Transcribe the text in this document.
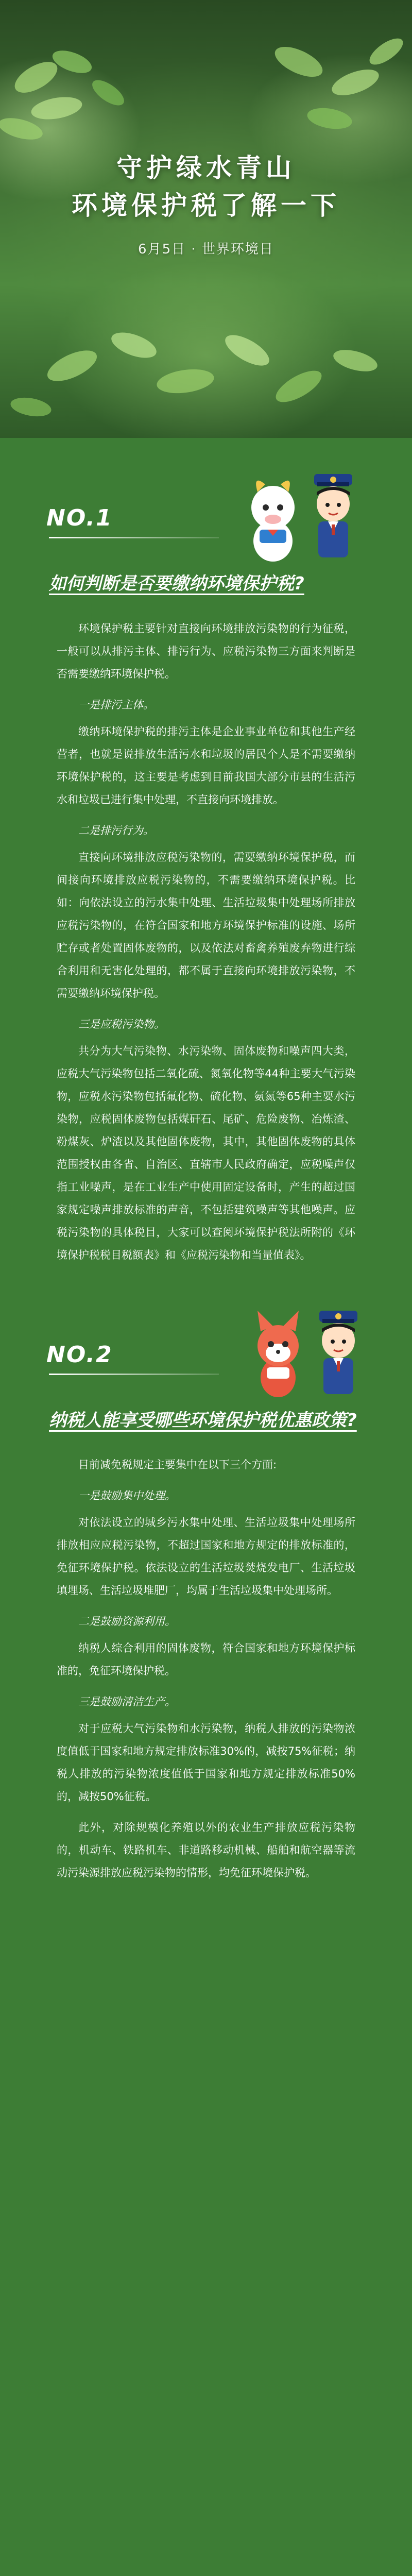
守护绿水青山
环境保护税了解一下
6月5日 · 世界环境日
NO.1
如何判断是否要缴纳环境保护税?

环境保护税主要针对直接向环境排放污染物的行为征税，一般可以从排污主体、排污行为、应税污染物三方面来判断是否需要缴纳环境保护税。

一是排污主体。

缴纳环境保护税的排污主体是企业事业单位和其他生产经营者，也就是说排放生活污水和垃圾的居民个人是不需要缴纳环境保护税的，这主要是考虑到目前我国大部分市县的生活污水和垃圾已进行集中处理，不直接向环境排放。

二是排污行为。

直接向环境排放应税污染物的，需要缴纳环境保护税，而间接向环境排放应税污染物的，不需要缴纳环境保护税。比如：向依法设立的污水集中处理、生活垃圾集中处理场所排放应税污染物的，在符合国家和地方环境保护标准的设施、场所贮存或者处置固体废物的，以及依法对畜禽养殖废弃物进行综合利用和无害化处理的，都不属于直接向环境排放污染物，不需要缴纳环境保护税。

三是应税污染物。

共分为大气污染物、水污染物、固体废物和噪声四大类，应税大气污染物包括二氧化硫、氮氧化物等44种主要大气污染物，应税水污染物包括氟化物、硫化物、氨氮等65种主要水污染物，应税固体废物包括煤矸石、尾矿、危险废物、冶炼渣、粉煤灰、炉渣以及其他固体废物，其中，其他固体废物的具体范围授权由各省、自治区、直辖市人民政府确定，应税噪声仅指工业噪声，是在工业生产中使用固定设备时，产生的超过国家规定噪声排放标准的声音，不包括建筑噪声等其他噪声。应税污染物的具体税目，大家可以查阅环境保护税法所附的《环境保护税税目税额表》和《应税污染物和当量值表》。

NO.2
纳税人能享受哪些环境保护税优惠政策?

目前减免税规定主要集中在以下三个方面:

一是鼓励集中处理。

对依法设立的城乡污水集中处理、生活垃圾集中处理场所排放相应应税污染物，不超过国家和地方规定的排放标准的，免征环境保护税。依法设立的生活垃圾焚烧发电厂、生活垃圾填埋场、生活垃圾堆肥厂，均属于生活垃圾集中处理场所。

二是鼓励资源利用。

纳税人综合利用的固体废物，符合国家和地方环境保护标准的，免征环境保护税。

三是鼓励清洁生产。

对于应税大气污染物和水污染物，纳税人排放的污染物浓度值低于国家和地方规定排放标准30%的，减按75%征税；纳税人排放的污染物浓度值低于国家和地方规定排放标准50%的，减按50%征税。

此外，对除规模化养殖以外的农业生产排放应税污染物的，机动车、铁路机车、非道路移动机械、船舶和航空器等流动污染源排放应税污染物的情形，均免征环境保护税。
